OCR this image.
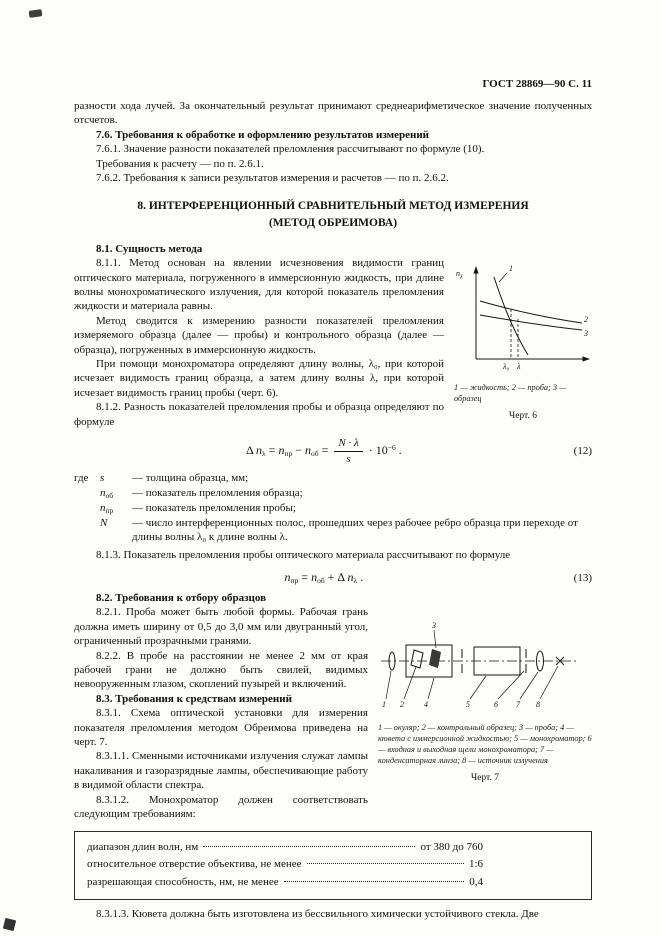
ГОСТ 28869—90 С. 11

разности хода лучей. За окончательный результат принимают среднеарифметическое значение полученных отсчетов.

7.6. Требования к обработке и оформлению результатов измерений

7.6.1. Значение разности показателей преломления рассчитывают по формуле (10).

Требования к расчету — по п. 2.6.1.

7.6.2. Требования к записи результатов измерения и расчетов — по п. 2.6.2.

8. ИНТЕРФЕРЕНЦИОННЫЙ СРАВНИТЕЛЬНЫЙ МЕТОД ИЗМЕРЕНИЯ
(МЕТОД ОБРЕИМОВА)

8.1. Сущность метода

8.1.1. Метод основан на явлении исчезновения видимости границ оптического материала, погруженного в иммерсионную жидкость, при длине волны монохроматического излучения, для которой показатель преломления жидкости и материала равны.

Метод сводится к измерению разности показателей преломления измеряемого образца (далее — пробы) и контрольного образца (далее — образца), погруженных в иммерсионную жидкость.

При помощи монохроматора определяют длину волны, λ₀, при которой исчезает видимость границ образца, а затем длину волны λ, при которой исчезает видимость границ пробы (черт. 6).

8.1.2. Разность показателей преломления пробы и образца определяют по формуле

1
2
3
$n_\lambda$
λ₀ λ
1 — жидкость; 2 — проба; 3 — образец
Черт. 6
Δ $n_\lambda = n_{пр} - n_{об} = \frac{N \cdot \lambda}{s} \cdot 10^{-6}$ .	(12)
где	s	— толщина образца, мм;
$n_{об}$	— показатель преломления образца;
$n_{пр}$	— показатель преломления пробы;
N	— число интерференционных полос, прошедших через рабочее ребро образца при переходе от длины волны λ₀ к длине волны λ.

8.1.3. Показатель преломления пробы оптического материала рассчитывают по формуле

$n_{пр} = n_{об} + \Delta$ $n_\lambda$ .	(13)

8.2. Требования к отбору образцов

8.2.1. Проба может быть любой формы. Рабочая грань должна иметь ширину от 0,5 до 3,0 мм или двугранный угол, ограниченный прозрачными гранями.

8.2.2. В пробе на расстоянии не менее 2 мм от края рабочей грани не должно быть свилей, видимых невооруженным глазом, скоплений пузырей и включений.

8.3. Требования к средствам измерений

8.3.1. Схема оптической установки для измерения показателя преломления методом Обреимова приведена на черт. 7.

8.3.1.1. Сменными источниками излучения служат лампы накаливания и газоразрядные лампы, обеспечивающие работу в видимой области спектра.

8.3.1.2. Монохроматор должен соответствовать следующим требованиям:

3
1 2	4	5	6 7 8
1 — окуляр; 2 — контрольный образец; 3 — проба; 4 — кювета с иммерсионной жидкостью; 5 — монохроматор; 6 — входная и выходная щели монохроматора; 7 — конденсаторная линза; 8 — источник излучения
Черт. 7
диапазон длин волн, нм	от 380 до 760
относительное отверстие объектива, не менее	1:6
разрешающая способность, нм, не менее	0,4

8.3.1.3. Кювета должна быть изготовлена из бессвильного химически устойчивого стекла. Две
